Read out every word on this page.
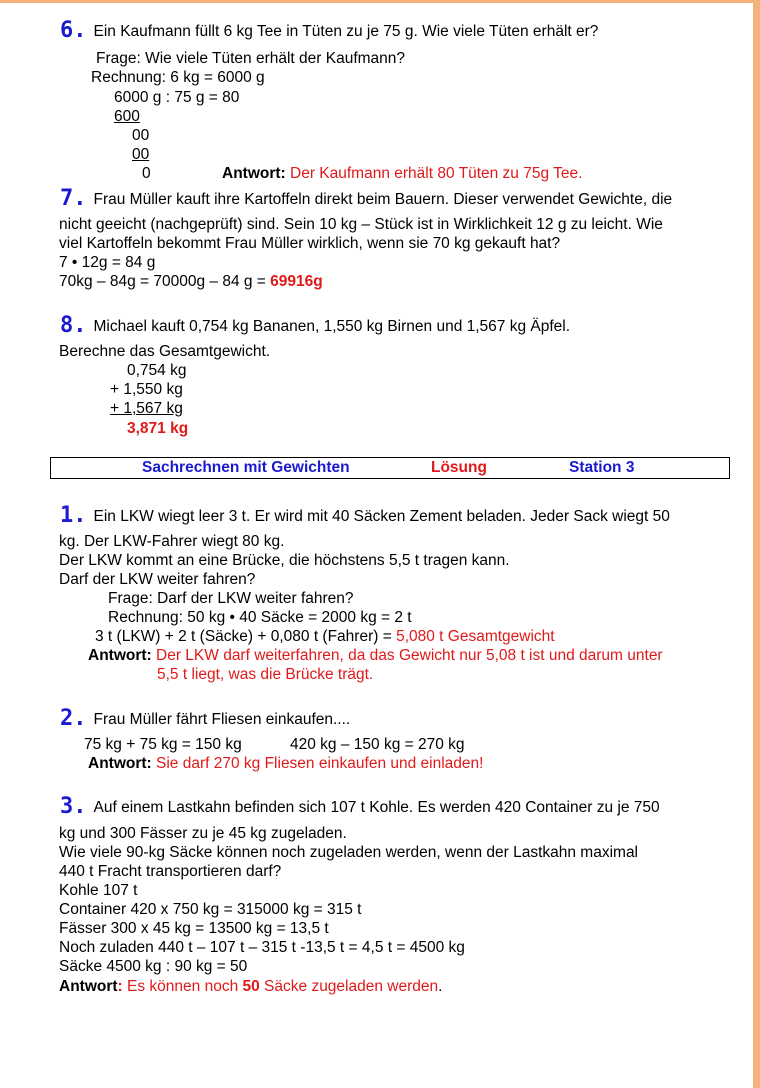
6. Ein Kaufmann füllt 6 kg Tee in Tüten zu je 75 g. Wie viele Tüten erhält er?
Frage: Wie viele Tüten erhält der Kaufmann?
Rechnung: 6 kg = 6000 g
6000 g : 75 g = 80
600
00
00
0	Antwort: Der Kaufmann erhält 80 Tüten zu 75g Tee.
7. Frau Müller kauft ihre Kartoffeln direkt beim Bauern. Dieser verwendet Gewichte, die
nicht geeicht (nachgeprüft) sind. Sein 10 kg – Stück ist in Wirklichkeit 12 g zu leicht. Wie
viel Kartoffeln bekommt Frau Müller wirklich, wenn sie 70 kg gekauft hat?
7 • 12g = 84 g
70kg – 84g = 70000g – 84 g = 69916g
8. Michael kauft 0,754 kg Bananen, 1,550 kg Birnen und 1,567 kg Äpfel.
Berechne das Gesamtgewicht.
0,754 kg
+ 1,550 kg
+ 1,567 kg
3,871 kg
Sachrechnen mit Gewichten	Lösung	Station 3
1. Ein LKW wiegt leer 3 t. Er wird mit 40 Säcken Zement beladen. Jeder Sack wiegt 50
kg. Der LKW-Fahrer wiegt 80 kg.
Der LKW kommt an eine Brücke, die höchstens 5,5 t tragen kann.
Darf der LKW weiter fahren?
Frage: Darf der LKW weiter fahren?
Rechnung: 50 kg • 40 Säcke = 2000 kg = 2 t
3 t (LKW) + 2 t (Säcke) + 0,080 t (Fahrer) = 5,080 t Gesamtgewicht
Antwort: Der LKW darf weiterfahren, da das Gewicht nur 5,08 t ist und darum unter
5,5 t liegt, was die Brücke trägt.
2. Frau Müller fährt Fliesen einkaufen....
75 kg + 75 kg = 150 kg	420 kg – 150 kg = 270 kg
Antwort: Sie darf 270 kg Fliesen einkaufen und einladen!
3. Auf einem Lastkahn befinden sich 107 t Kohle. Es werden 420 Container zu je 750
kg und 300 Fässer zu je 45 kg zugeladen.
Wie viele 90-kg Säcke können noch zugeladen werden, wenn der Lastkahn maximal
440 t Fracht transportieren darf?
Kohle 107 t
Container 420 x 750 kg = 315000 kg = 315 t
Fässer 300 x 45 kg = 13500 kg = 13,5 t
Noch zuladen 440 t – 107 t – 315 t -13,5 t = 4,5 t = 4500 kg
Säcke 4500 kg : 90 kg = 50
Antwort: Es können noch 50 Säcke zugeladen werden.
